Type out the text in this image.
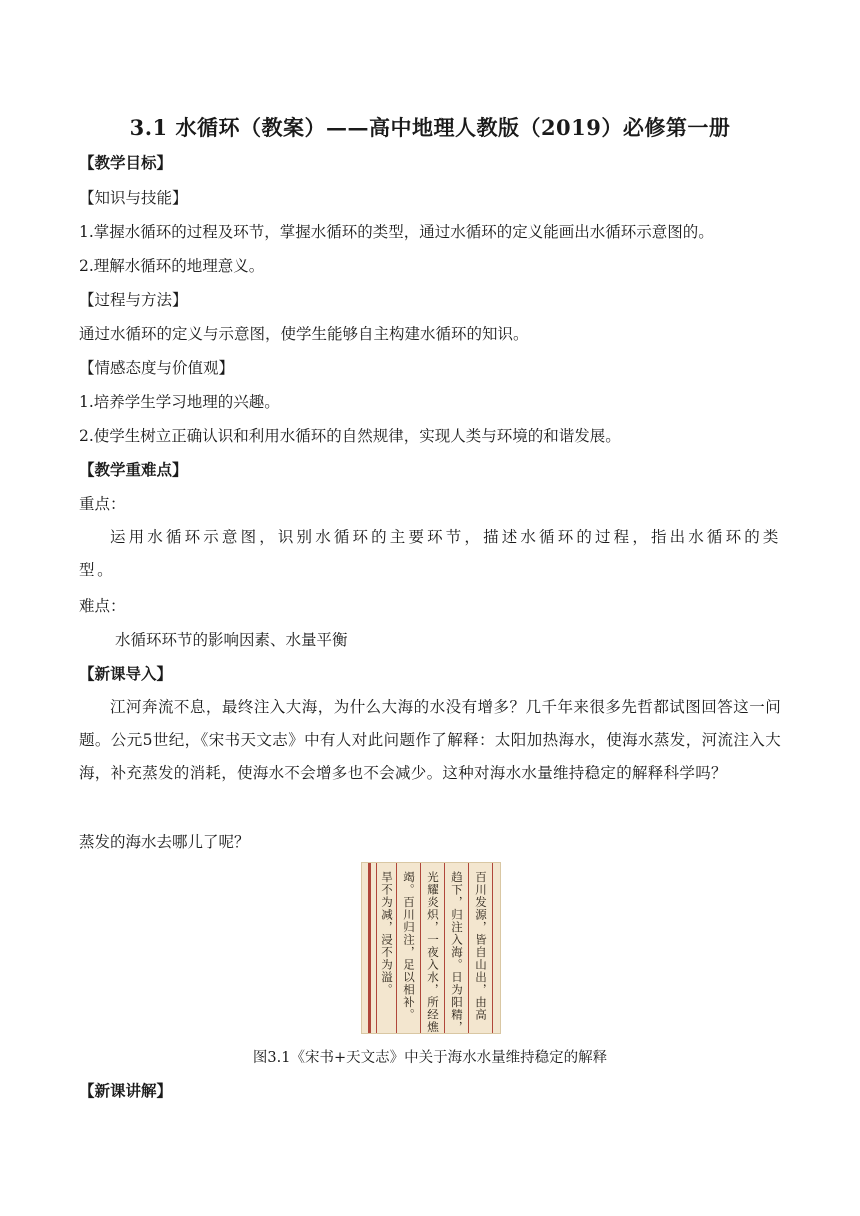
3.1 水循环（教案）——高中地理人教版（2019）必修第一册
【教学目标】
【知识与技能】
1.掌握水循环的过程及环节，掌握水循环的类型，通过水循环的定义能画出水循环示意图的。
2.理解水循环的地理意义。
【过程与方法】
通过水循环的定义与示意图，使学生能够自主构建水循环的知识。
【情感态度与价值观】
1.培养学生学习地理的兴趣。
2.使学生树立正确认识和利用水循环的自然规律，实现人类与环境的和谐发展。
【教学重难点】
重点：
运用水循环示意图，识别水循环的主要环节，描述水循环的过程，指出水循环的类型。
难点：
水循环环节的影响因素、水量平衡
【新课导入】
江河奔流不息，最终注入大海，为什么大海的水没有增多？几千年来很多先哲都试图回答这一问题。公元5世纪，《宋书天文志》中有人对此问题作了解释：太阳加热海水，使海水蒸发，河流注入大海，补充蒸发的消耗，使海水不会增多也不会减少。这种对海水水量维持稳定的解释科学吗？
蒸发的海水去哪儿了呢？
百川发源，皆自山出，由高
趋下，归注入海。日为阳精，
光耀炎炽，一夜入水，所经燋
竭。百川归注，足以相补。
旱不为减，浸不为溢。
图3.1《宋书+天文志》中关于海水水量维持稳定的解释
【新课讲解】
